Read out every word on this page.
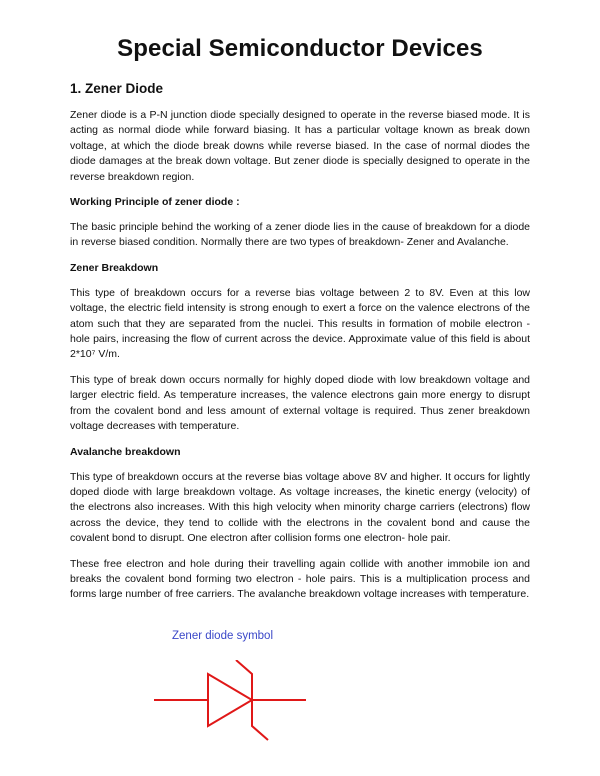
Special Semiconductor Devices
1. Zener Diode

Zener diode is a P-N junction diode specially designed to operate in the reverse biased mode. It is acting as normal diode while forward biasing. It has a particular voltage known as break down voltage, at which the diode break downs while reverse biased. In the case of normal diodes the diode damages at the break down voltage. But zener diode is specially designed to operate in the reverse breakdown region.

Working Principle of zener diode :

The basic principle behind the working of a zener diode lies in the cause of breakdown for a diode in reverse biased condition. Normally there are two types of breakdown- Zener and Avalanche.

Zener Breakdown

This type of breakdown occurs for a reverse bias voltage between 2 to 8V. Even at this low voltage, the electric field intensity is strong enough to exert a force on the valence electrons of the atom such that they are separated from the nuclei. This results in formation of mobile electron - hole pairs, increasing the flow of current across the device. Approximate value of this field is about 2*10⁷ V/m.

This type of break down occurs normally for highly doped diode with low breakdown voltage and larger electric field. As temperature increases, the valence electrons gain more energy to disrupt from the covalent bond and less amount of external voltage is required. Thus zener breakdown voltage decreases with temperature.

Avalanche breakdown

This type of breakdown occurs at the reverse bias voltage above 8V and higher. It occurs for lightly doped diode with large breakdown voltage. As voltage increases, the kinetic energy (velocity) of the electrons also increases. With this high velocity when minority charge carriers (electrons) flow across the device, they tend to collide with the electrons in the covalent bond and cause the covalent bond to disrupt. One electron after collision forms one electron- hole pair.

These free electron and hole during their travelling again collide with another immobile ion and breaks the covalent bond forming two electron - hole pairs. This is a multiplication process and forms large number of free carriers. The avalanche breakdown voltage increases with temperature.

Zener diode symbol
